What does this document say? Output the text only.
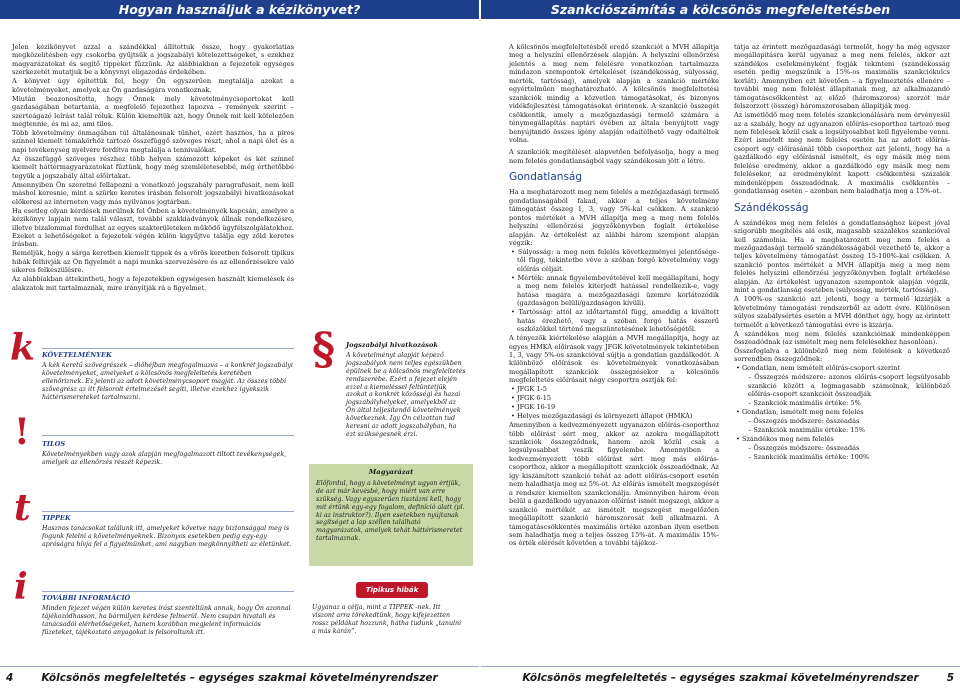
Hogyan használjuk a kézikönyvet?	Szankciószámítás a kölcsönös megfeleltetésben

Jelen kézikönyvet azzal a szándékkal állítottuk össze, hogy gyakorlatias megközelítésben egy csokorba gyűjtsük a jogszabályi kötelezettségeket, s ezekhez magyarázatokat és segítő tippeket fűzzünk. Az alábbiakban a fejezetek egységes szerkezetét mutatjuk be a könyvnyi eligazodás érdekében.

A könyvet úgy építettük fel, hogy Ön egyszerűen megtalálja azokat a követelményeket, amelyek az Ön gazdaságára vonatkoznak.

Miután beazonosította, hogy Önnek mely követelménycsoportokat kell gazdaságában betartania, a megfelelő fejezethez lapozva – remények szerint – szerteágazó leírást talál róluk. Külön kiemeltük azt, hogy Önnek mit kell kötelezően megtennie, és mi az, ami tilos.

Több követelmény önmagában túl általánosnak tűnhet, ezért hasznos, ha a piros színnel kiemelt témakörhöz tartozó összefüggő szöveges részt, ahol a napi élet és a napi tevékenység nyelvére fordítva megtalálja a tennivalókat.

Az összefüggő szöveges részhez több helyen számozott képeket és két színnel kiemelt háttérmagyarázatokat fűztünk, hogy még szemléletesebbé, még érthetőbbé tegyük a jogszabály által előírtakat.

Amennyiben Ön szeretné fellapozni a vonatkozó jogszabály paragrafusait, nem kell máshol keresnie, mint a szürke keretes írásban felsorolt jogszabályi hivatkozásokat előkeresi az interneten vagy más nyilvános jogtárban.

Ha esetleg olyan kérdések merülnek fel Önben a követelmények kapcsán, amelyre a kézikönyv lapjain nem talál választ, további szakkiadványok állnak rendelkezésre, illetve bizalommal fordulhat az egyes szakterületeken működő ügyfélszolgálatokhoz. Ezeket a lehetőségeket a fejezetek végén külön kigyűjtve találja egy zöld keretes írásban.

Reméljük, hogy a sárga keretben kiemelt tippek és a vörös keretben felsorolt tipikus hibák felhívják az Ön figyelmét a napi munka szervezésére és az ellenőrzésekre való sikeres felkészülésre.

Az alábbiakban áttekintheti, hogy a fejezetekben egységesen használt kiemelések és alakzatok mit tartalmaznak, mire irányítják rá a figyelmet.

k KÖVETELMÉNYEK
A kék keretű szövegrészek – diőhéjban megfogalmazva – a konkrét jogszabályi követelményeket, amelyeket a kölcsönös megfeleltetés keretében ellenőriznek. Ez jelenti az adott követelménycsoport magját. Az összes többi szövegrész az itt felsorolt értelmezését segíti, illetve ezekhez igyekszik háttérismereteket tartalmazni.
! TILOS
Követelményekben vagy azok alapján megfogalmazott tiltott tevékenységek, amelyek az ellenőrzés részét képezik.
t TIPPEK
Hasznos tanácsokat találunk itt, amelyeket követve nagy biztonsággal meg is fogunk felelni a követelményeknek. Bizonyos esetekben pedig egy-egy apróságra hívja fel a figyelmünket, ami nagyban megkönnyítheti az életünket.
i TOVÁBBI INFORMÁCIÓ
Minden fejezet végén külön keretes írást szenteltünk annak, hogy Ön azonnal tájékozódhasson, ha bármilyen kérdése felmerül. Nem csupán hivatali és tanácsadói elérhetőségeket, hanem korábban megjelent információs füzeteket, tájékoztató anyagokat is felsoroltunk itt.
§	Jogszabályi hivatkozások
A követelményt alapját képező jogszabályok nem teljes egészükben épülnek be a kölcsönös megfeleltetés rendszerébe. Ezért a fejezet elején ezzel a kiemeléssel feltüntetjük azokat a konkrét közösségi és hazai jogszabályhelyeket, amelyekből az Ön által teljesítendő követelmények következnek. Így Ön célzottan tud keresni az adott jogszabályban, ha ezt szükségesnek érzi.
Magyarázat
Előfordul, hogy a követelményt ugyan értjük, de azt már kevésbé, hogy miért van erre szükség. Vagy egyszerűen tisztázni kell, hogy mit értünk egy-egy fogalom, definíció alatt (pl. ki az instruktor?). Ilyen esetekben nyújtanak segítséget a lap széllen található magyarázatok, amelyek tehát háttérismeretet tartalmaznak.
Tipikus hibák
Ugyanaz a célja, mint a TIPPEK -nek. Itt viszont arra törekedtünk, hogy kifejezetten rossz példákat hozzunk, hátha tudunk „tanulni a más kárán”.

A kölcsönös megfeleltetésből eredő szankciót a MVH állapítja meg a helyszíni ellenőrzések alapján. A helyszíni ellenőrzési jelentés a meg nem felelésre vonatkozóan tartalmazza mindazon szempontok értékelését (szándékosság, súlyosság, mérték, tartósság), amelyek alapján a szankció mértéke egyértelműen meghatározható. A kölcsönös megfeleltetési szankciók mindig a közvetlen támogatásokat, és bizonyos vidékfejlesztési támogatásokat érintenek. A szankció összegét csökkentik, amely a mezőgazdasági termelő számára a ténymegállapítás naptári évében az általa benyújtott vagy benyújtandó összes igény alapján odaítélhető vagy odaítéltek volna.

A szankciók megítélését alapvetően befolyásolja, hogy a meg nem felelés gondatlanságból vagy szándékosan jött e létre.

Gondatlanság

Ha a meghatározott meg nem felelés a mezőgazdasági termelő gondatlanságából fakad, akkor a teljes követelmény támogatást összeg 1, 3, vagy 5%-kal csökken. A szankció pontos mértékét a MVH állapítja meg a meg nem felelés helyszíni ellenőrzési jegyzőkönyvben foglalt értékelése alapján. Az értékelést az alábbi három szempont alapján végzik:

• Súlyosság: a meg nem felelés következményei jelentősége-től függ, tekintetbe véve a szóban forgó követelmény vagy előírás céljait.

• Mérték: annak figyelembevételével kell megállapítani, hogy a meg nem felelés kiterjedt hatással rendelkezik-e, vagy hatása magára a mezőgazdasági üzemre korlátozódik (gazdaságon belüli/gazdaságon kívüli).

• Tartósság: attól az időtartamtól függ, ameddig a kiváltott hatás érezhető, vagy a szóban forgó hatás ésszerű eszközökkel történő megszüntetésének lehetőségétől.

A tényezők kiértékelése alapján a MVH megállapítja, hogy az egyes HMKÁ előírások vagy JFGK követelmények tekintetében 1, 3, vagy 5%-os szankcióval sújtja a gondatlan gazdálkodót. A különböző előírások és követelmények vonatkozásában megállapított szankciók összegzésekor a kölcsönös megfeleltetés előírásait négy csoportra osztják fel:

• JFGK 1-5

• JFGK 6-15

• JFGK 16-19

• Helyes mezőgazdasági és környezeti állapot (HMKÁ)

Amennyiben a kedvezményezett ugyanazon előírás-csoporthoz több előírást sért meg, akkor az azokra megállapított szankciók összegződnek, hanem azok közül csak a legsúlyosabbat veszik figyelembe. Amennyiben a kedvezményezett több előírást sért meg más előírás-csoporthoz, akkor a megállapított szankciók összeadódnak. Az így kiszámított szankció tehát az adott előírás-csoport esetén nem haladhatja meg az 5%-ot. Az előírás ismételt megszegését a rendszer kiemelten szankcionálja. Amennyiben három éven belül a gazdálkodó ugyanazon előírást ismét megszegi, akkor a szankció mértékét az ismételt megszegést megelőzően megállapított szankció háromszorosát kell alkalmazni. A támogatáscsökkentés maximális értéke azonban ilyen esetben sem haladhatja meg a teljes összeg 15%-át. A maximális 15%-os érték elérését követően a további tájékoz-

tatja az érintett mezőgazdasági termelőt, hogy ha még egyszer megállapításra kerül ugyanaz a meg nem felelés, akkor azt szándékos cselekményként fogják tekinteni (szándékosság esetén pedig megszűnik a 15%-os maximális szankciókulcs korlát). Amennyiben ezt követően – a figyelmeztetés ellenére – további meg nem felelést állapítanak meg, az alkalmazandó támogatáscsökkentést az előző (háromszoros) szorzót már felszorzott (összeg) háromszorosaban állapítják meg.

Az ismétlődő meg nem felelés szankcionálására nem érvényesül az a szabály, hogy az ugyanazon előírás-csoporthoz tartozó meg nem felelések közül csak a legsúlyosabbat kell figyelembe venni. Ezért ismételt meg nem felelés esetén ha az adott előírás-csoport egy előírásánál több csoporthoz azt jelenti, hogy ha a gazdálkodó egy előírásnál ismételt, és egy másik meg nem felelése eredmény, akkor a gazdálkodó egy másik meg nem felelésekor, az eredményként kapott csökkentési százalék mindenképpen összeadódnak. A maximális csökkentés – gondatlanság esetén – azonban nem haladhatja meg a 15%-ot.

Szándékosság

A szándékos meg nem felelés a gondatlansághoz képest jóval szigorúbb megítélés alá esik, magasabb százalékos szankcióval kell számolnia. Ha a meghatározott meg nem felelés a mezőgazdasági termelő szándékosságából vezethető le, akkor a teljes követelmény támogatást összeg 15-100%-kal csökken. A szankció pontos mértékét a MVH állapítja meg a meg nem felelés helyszíni ellenőrzési jegyzőkönyvben foglalt értékelése alapján. Az értékelést ugyanazon szempontok alapján végzik, mint a gondatlanság esetében (súlyosság, mérték, tartósság).

A 100%-os szankció azt jelenti, hogy a termelő kizárják a követelmény támogatási rendszerből az adott évre. Különösen súlyos szabálysértés esetén a MVH dönthet úgy, hogy az érintett termelőt a következő támogatási évre is kizárja.

A szándékos meg nem felelés szankcióinak mindenképpen összeadódnak (az ismételt meg nem felelésekhez hasonlóan).

Összefoglalva a különböző meg nem felelések a következő sorrendben összegződnek:

• Gondatlan, nem ismételt előírás-csoport szerint

– Összegzés módszere: azonos előírás-csoport legsúlyosabb szankció között a legmagasabb számolnak, különböző előírás-csoport szankcióit összeadják

– Szankciók maximális értéke: 5%

• Gondatlan, ismételt meg nem felelés

– Összegzés módszere: összeadás

– Szankciók maximális értéke: 15%

• Szándékos meg nem felelés

– Összegzés módszere: összeadás

– Szankciók maximális értéke: 100%

4	Kölcsönös megfeleltetés – egységes szakmai követelményrendszer	Kölcsönös megfeleltetés – egységes szakmai követelményrendszer	5
